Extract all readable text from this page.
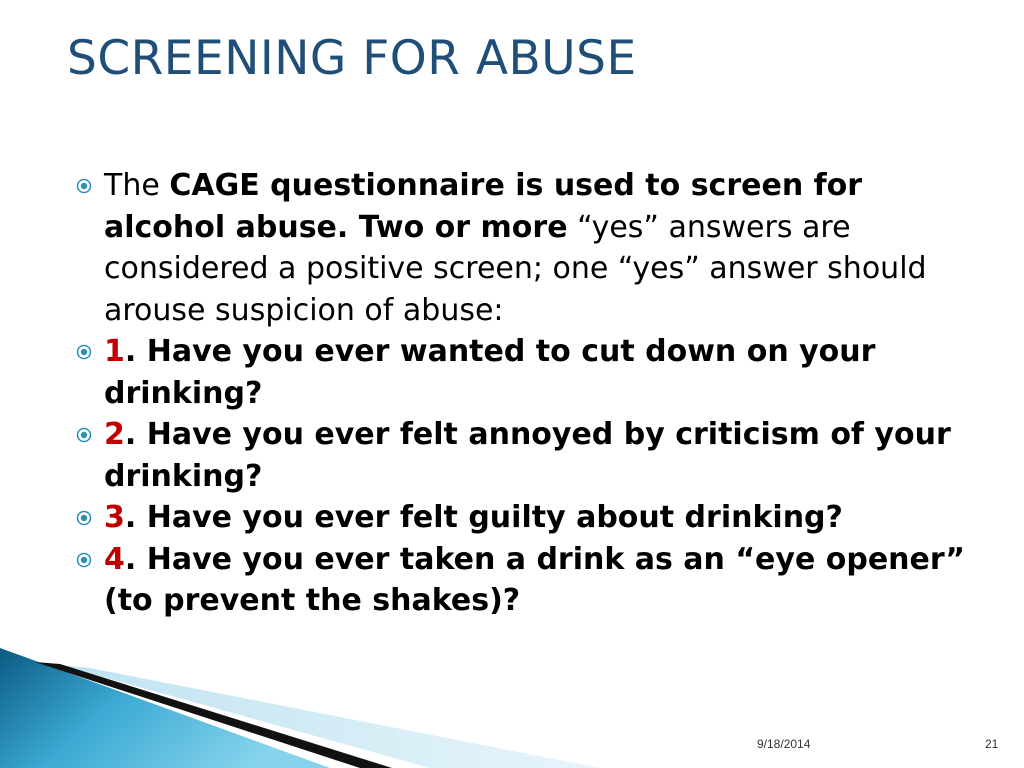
SCREENING FOR ABUSE
The CAGE questionnaire is used to screen for alcohol abuse. Two or more “yes” answers are considered a positive screen; one “yes” answer should arouse suspicion of abuse:
1. Have you ever wanted to cut down on your drinking?
2. Have you ever felt annoyed by criticism of your drinking?
3. Have you ever felt guilty about drinking?
4. Have you ever taken a drink as an “eye opener” (to prevent the shakes)?
9/18/2014	21
